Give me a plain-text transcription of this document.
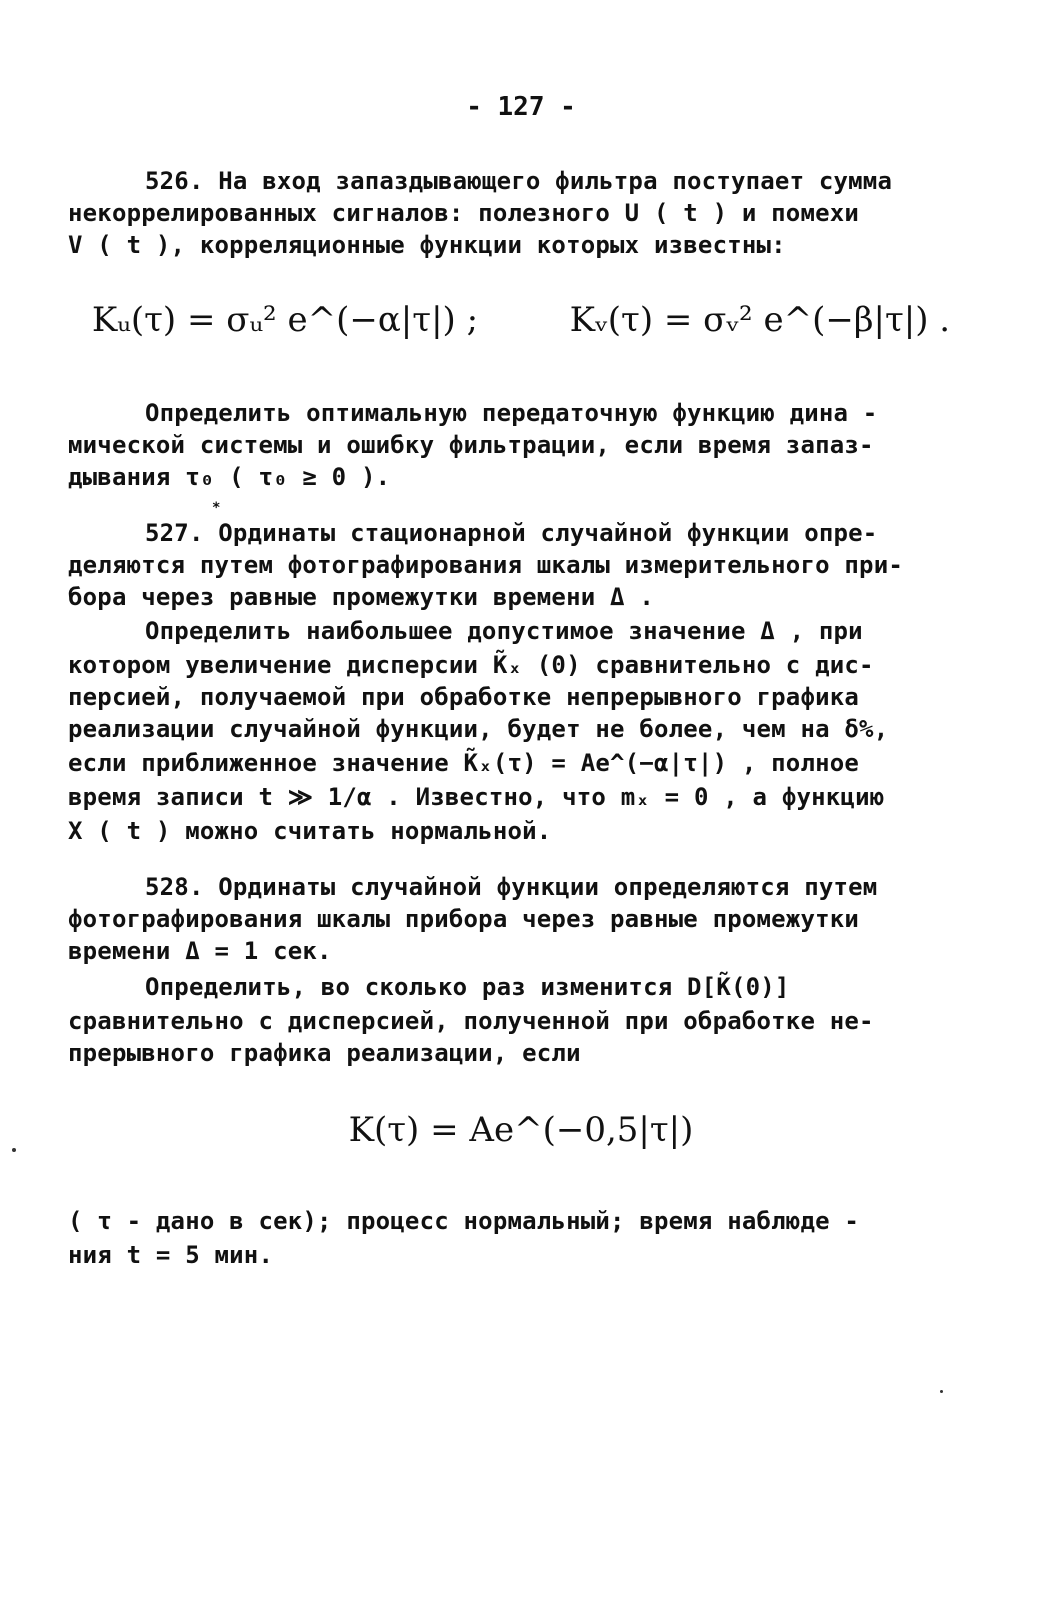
- 127 -
526. На вход запаздывающего фильтра поступает сумма
некоррелированных сигналов: полезного U ( t ) и помехи
V ( t ), корреляционные функции которых известны:
Kᵤ(τ) = σᵤ² e^(−α|τ|) ;	Kᵥ(τ) = σᵥ² e^(−β|τ|) .
Определить оптимальную передаточную функцию дина -
мической системы и ошибку фильтрации, если время запаз-
дывания τ₀ ( τ₀ ≥ 0 ).
*
527. Ординаты стационарной случайной функции опре-
деляются путем фотографирования шкалы измерительного при-
бора через равные промежутки времени Δ .
Определить наибольшее допустимое значение Δ , при
котором увеличение дисперсии K̃ₓ (0) сравнительно с дис-
персией, получаемой при обработке непрерывного графика
реализации случайной функции, будет не более, чем на δ%,
если приближенное значение K̃ₓ(τ) = Ae^(−α|τ|) , полное
время записи t ≫ 1/α . Известно, что mₓ = 0 , а функцию
X ( t ) можно считать нормальной.
528. Ординаты случайной функции определяются путем
фотографирования шкалы прибора через равные промежутки
времени Δ = 1 сек.
Определить, во сколько раз изменится D[K̃(0)]
сравнительно с дисперсией, полученной при обработке не-
прерывного графика реализации, если
K(τ) = Ae^(−0,5|τ|)
( τ - дано в сек); процесс нормальный; время наблюде -
ния t = 5 мин.
